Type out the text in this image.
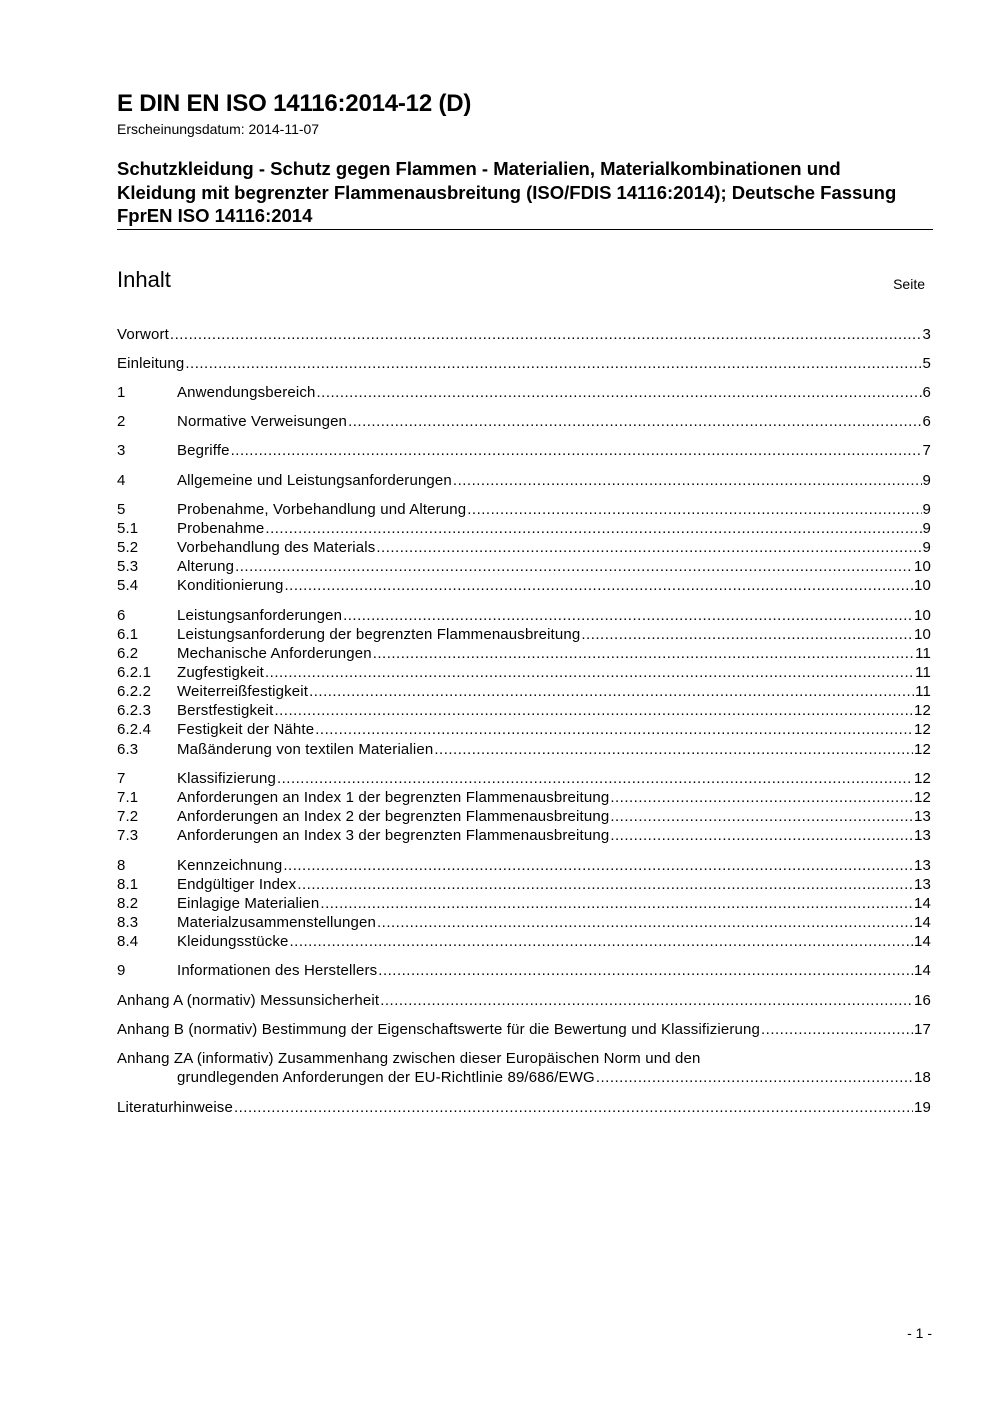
E DIN EN ISO 14116:2014-12 (D)
Erscheinungsdatum: 2014-11-07
Schutzkleidung - Schutz gegen Flammen - Materialien, Materialkombinationen und Kleidung mit begrenzter Flammenausbreitung (ISO/FDIS 14116:2014); Deutsche Fassung FprEN ISO 14116:2014
Inhalt	Seite
Vorwort .....	3
Einleitung .....	5
1	Anwendungsbereich .....	6
2	Normative Verweisungen .....	6
3	Begriffe .....	7
4	Allgemeine und Leistungsanforderungen .....	9
5	Probenahme, Vorbehandlung und Alterung .....	9
5.1	Probenahme .....	9
5.2	Vorbehandlung des Materials .....	9
5.3	Alterung .....	10
5.4	Konditionierung .....	10
6	Leistungsanforderungen .....	10
6.1	Leistungsanforderung der begrenzten Flammenausbreitung .....	10
6.2	Mechanische Anforderungen .....	11
6.2.1	Zugfestigkeit .....	11
6.2.2	Weiterreißfestigkeit .....	11
6.2.3	Berstfestigkeit .....	12
6.2.4	Festigkeit der Nähte .....	12
6.3	Maßänderung von textilen Materialien .....	12
7	Klassifizierung .....	12
7.1	Anforderungen an Index 1 der begrenzten Flammenausbreitung .....	12
7.2	Anforderungen an Index 2 der begrenzten Flammenausbreitung .....	13
7.3	Anforderungen an Index 3 der begrenzten Flammenausbreitung .....	13
8	Kennzeichnung .....	13
8.1	Endgültiger Index .....	13
8.2	Einlagige Materialien .....	14
8.3	Materialzusammenstellungen .....	14
8.4	Kleidungsstücke .....	14
9	Informationen des Herstellers .....	14
Anhang A (normativ) Messunsicherheit .....	16
Anhang B (normativ) Bestimmung der Eigenschaftswerte für die Bewertung und Klassifizierung .....	17
Anhang ZA (informativ) Zusammenhang zwischen dieser Europäischen Norm und den
grundlegenden Anforderungen der EU-Richtlinie 89/686/EWG .....	18
Literaturhinweise .....	19
- 1 -
